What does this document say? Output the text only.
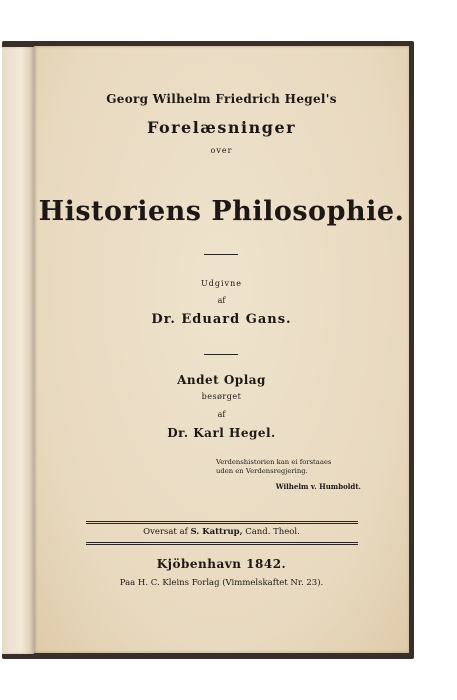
Georg Wilhelm Friedrich Hegel's
Forelæsninger
over
Historiens Philosophie.
Udgivne
af
Dr. Eduard Gans.
Andet Oplag
besørget
af
Dr. Karl Hegel.
Verdenshistorien kan ei forstaaes
uden en Verdensregjering.
Wilhelm v. Humboldt.
Oversat af S. Kattrup, Cand. Theol.
Kjöbenhavn 1842.
Paa H. C. Kleins Forlag (Vimmelskaftet Nr. 23).
